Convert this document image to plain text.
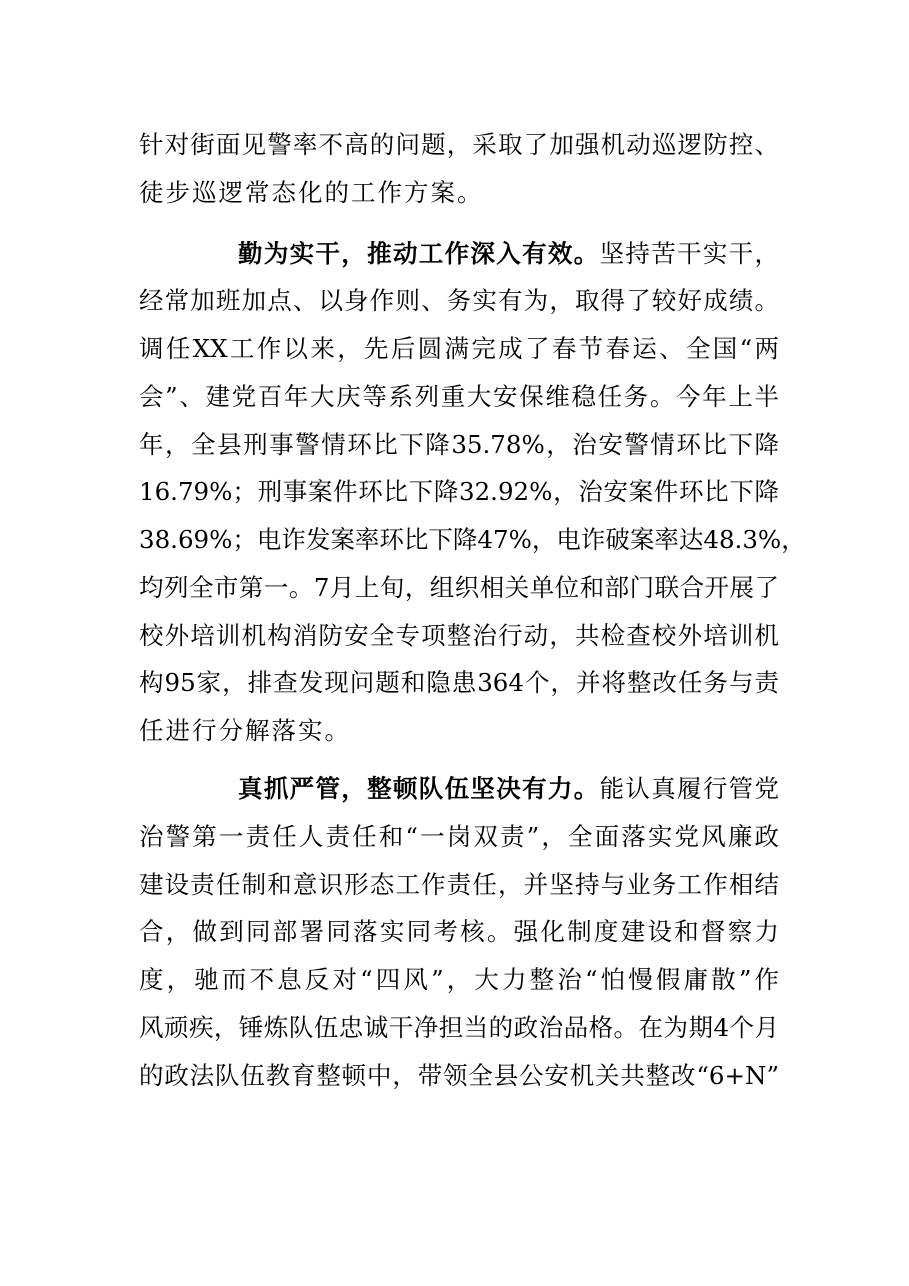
针对街面见警率不高的问题，采取了加强机动巡逻防控、

徒步巡逻常态化的工作方案。

勤为实干，推动工作深入有效。坚持苦干实干，

经常加班加点、以身作则、务实有为，取得了较好成绩。

调任XX工作以来，先后圆满完成了春节春运、全国“两

会”、建党百年大庆等系列重大安保维稳任务。今年上半

年，全县刑事警情环比下降35.78%，治安警情环比下降

16.79%；刑事案件环比下降32.92%，治安案件环比下降

38.69%；电诈发案率环比下降47%，电诈破案率达48.3%，

均列全市第一。7月上旬，组织相关单位和部门联合开展了

校外培训机构消防安全专项整治行动，共检查校外培训机

构95家，排查发现问题和隐患364个，并将整改任务与责

任进行分解落实。

真抓严管，整顿队伍坚决有力。能认真履行管党

治警第一责任人责任和“一岗双责”，全面落实党风廉政

建设责任制和意识形态工作责任，并坚持与业务工作相结

合，做到同部署同落实同考核。强化制度建设和督察力

度，驰而不息反对“四风”，大力整治“怕慢假庸散”作

风顽疾，锤炼队伍忠诚干净担当的政治品格。在为期4个月

的政法队伍教育整顿中，带领全县公安机关共整改“6+N”
